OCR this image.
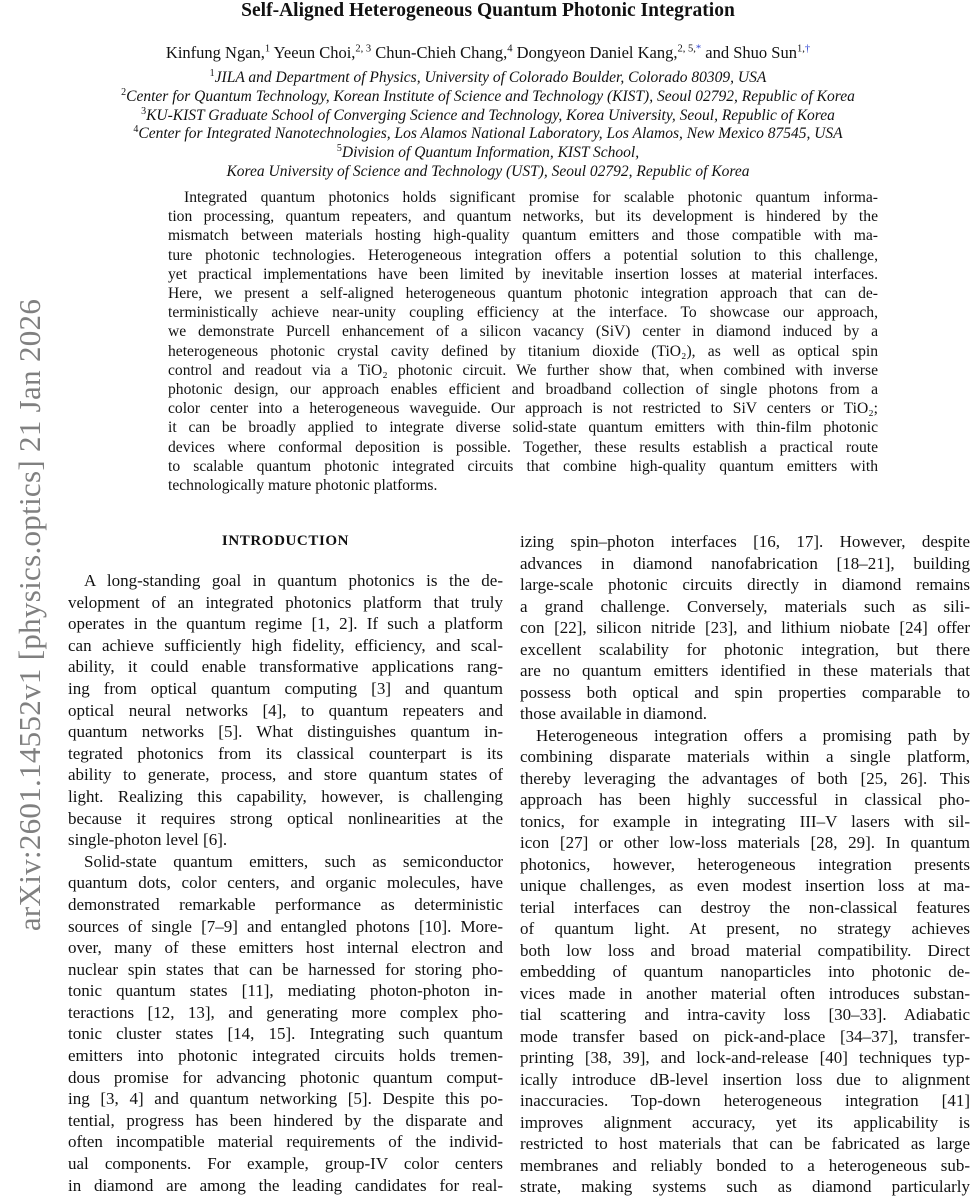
Self-Aligned Heterogeneous Quantum Photonic Integration
Kinfung Ngan,$^1$ Yeeun Choi,$^{2, 3}$ Chun-Chieh Chang,$^4$ Dongyeon Daniel Kang,$^{2, 5,*}$ and Shuo Sun$^{1,\dagger}$
$^1$JILA and Department of Physics, University of Colorado Boulder, Colorado 80309, USA
$^2$Center for Quantum Technology, Korean Institute of Science and Technology (KIST), Seoul 02792, Republic of Korea
$^3$KU-KIST Graduate School of Converging Science and Technology, Korea University, Seoul, Republic of Korea
$^4$Center for Integrated Nanotechnologies, Los Alamos National Laboratory, Los Alamos, New Mexico 87545, USA
$^5$Division of Quantum Information, KIST School,
Korea University of Science and Technology (UST), Seoul 02792, Republic of Korea
arXiv:2601.14552v1 [physics.optics] 21 Jan 2026
Integrated quantum photonics holds significant promise for scalable photonic quantum informa-
tion processing, quantum repeaters, and quantum networks, but its development is hindered by the
mismatch between materials hosting high-quality quantum emitters and those compatible with ma-
ture photonic technologies. Heterogeneous integration offers a potential solution to this challenge,
yet practical implementations have been limited by inevitable insertion losses at material interfaces.
Here, we present a self-aligned heterogeneous quantum photonic integration approach that can de-
terministically achieve near-unity coupling efficiency at the interface. To showcase our approach,
we demonstrate Purcell enhancement of a silicon vacancy (SiV) center in diamond induced by a
heterogeneous photonic crystal cavity defined by titanium dioxide (TiO₂), as well as optical spin
control and readout via a TiO₂ photonic circuit. We further show that, when combined with inverse
photonic design, our approach enables efficient and broadband collection of single photons from a
color center into a heterogeneous waveguide. Our approach is not restricted to SiV centers or TiO₂;
it can be broadly applied to integrate diverse solid-state quantum emitters with thin-film photonic
devices where conformal deposition is possible. Together, these results establish a practical route
to scalable quantum photonic integrated circuits that combine high-quality quantum emitters with
technologically mature photonic platforms.
INTRODUCTION
A long-standing goal in quantum photonics is the de-
velopment of an integrated photonics platform that truly
operates in the quantum regime [1, 2]. If such a platform
can achieve sufficiently high fidelity, efficiency, and scal-
ability, it could enable transformative applications rang-
ing from optical quantum computing [3] and quantum
optical neural networks [4], to quantum repeaters and
quantum networks [5]. What distinguishes quantum in-
tegrated photonics from its classical counterpart is its
ability to generate, process, and store quantum states of
light. Realizing this capability, however, is challenging
because it requires strong optical nonlinearities at the
single-photon level [6].
Solid-state quantum emitters, such as semiconductor
quantum dots, color centers, and organic molecules, have
demonstrated remarkable performance as deterministic
sources of single [7–9] and entangled photons [10]. More-
over, many of these emitters host internal electron and
nuclear spin states that can be harnessed for storing pho-
tonic quantum states [11], mediating photon-photon in-
teractions [12, 13], and generating more complex pho-
tonic cluster states [14, 15]. Integrating such quantum
emitters into photonic integrated circuits holds tremen-
dous promise for advancing photonic quantum comput-
ing [3, 4] and quantum networking [5]. Despite this po-
tential, progress has been hindered by the disparate and
often incompatible material requirements of the individ-
ual components. For example, group-IV color centers
in diamond are among the leading candidates for real-
izing spin–photon interfaces [16, 17]. However, despite
advances in diamond nanofabrication [18–21], building
large-scale photonic circuits directly in diamond remains
a grand challenge. Conversely, materials such as sili-
con [22], silicon nitride [23], and lithium niobate [24] offer
excellent scalability for photonic integration, but there
are no quantum emitters identified in these materials that
possess both optical and spin properties comparable to
those available in diamond.
Heterogeneous integration offers a promising path by
combining disparate materials within a single platform,
thereby leveraging the advantages of both [25, 26]. This
approach has been highly successful in classical pho-
tonics, for example in integrating III–V lasers with sil-
icon [27] or other low-loss materials [28, 29]. In quantum
photonics, however, heterogeneous integration presents
unique challenges, as even modest insertion loss at ma-
terial interfaces can destroy the non-classical features
of quantum light. At present, no strategy achieves
both low loss and broad material compatibility. Direct
embedding of quantum nanoparticles into photonic de-
vices made in another material often introduces substan-
tial scattering and intra-cavity loss [30–33]. Adiabatic
mode transfer based on pick-and-place [34–37], transfer-
printing [38, 39], and lock-and-release [40] techniques typ-
ically introduce dB-level insertion loss due to alignment
inaccuracies. Top-down heterogeneous integration [41]
improves alignment accuracy, yet its applicability is
restricted to host materials that can be fabricated as large
membranes and reliably bonded to a heterogeneous sub-
strate, making systems such as diamond particularly
